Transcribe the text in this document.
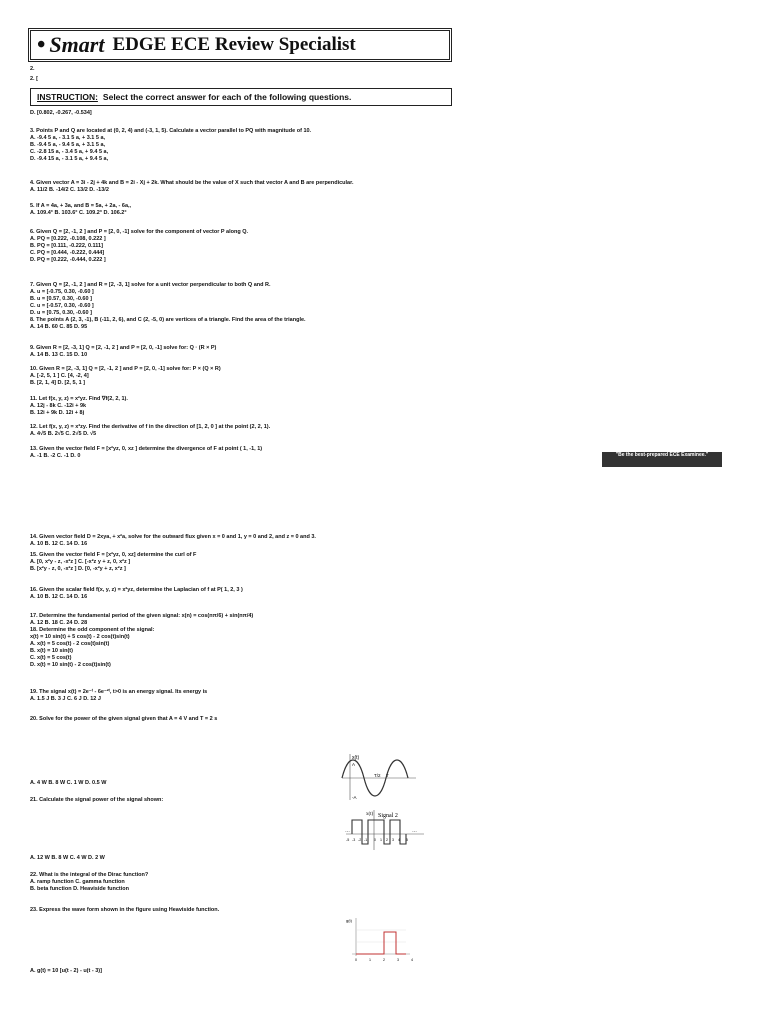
• Smart EDGE ECE Review Specialist
2.
2. [
D. [0.802, -0.267, -0.534]
INSTRUCTION: Select the correct answer for each of the following questions.
3. Points P and Q are located at (0, 2, 4) and (-3, 1, 5). Calculate a vector parallel to PQ with magnitude of 10.
A. -9.4 5 a, - 3.1 5 a, + 3.1 5 a,
B. -9.4 5 a, - 9.4 5 a, + 3.1 5 a,
C. -2.8 15 a, - 3.4 5 a, + 9.4 5 a,
D. -9.4 15 a, - 3.1 5 a, + 9.4 5 a,
4. Given vector A = 3i - 2j + 4k and B = 2i - Xj + 2k. What should be the value of X such that vector A and B are perpendicular.
A. 11/2 B. -14/2 C. 13/2 D. -13/2
5. If A = 4a, + 3a, and B = 5a, + 2a, - 6a,,
A. 109.4° B. 103.6° C. 109.2° D. 106.2°
6. Given Q = [2, -1, 2 ] and P = [2, 0, -1] solve for the component of vector P along Q.
A. PQ = [0.222, -0.108, 0.222 ]
B. PQ = [0.111, -0.222, 0.111]
C. PQ = [0.444, -0.222, 0.444]
D. PQ = [0.222, -0.444, 0.222 ]
7. Given Q = [2, -1, 2 ] and R = [2, -3, 1] solve for a unit vector perpendicular to both Q and R.
A. u = [-0.75, 0.30, -0.60 ]
B. u = [0.57, 0.30, -0.60 ]
C. u = [-0.57, 0.30, -0.60 ]
D. u = [0.75, 0.30, -0.60 ]
8. The points A (2, 3, -1), B (-11, 2, 6), and C (2, -5, 0) are vertices of a triangle. Find the area of the triangle.
A. 14 B. 60 C. 85 D. 95
9. Given R = [2, -3, 1] Q = [2, -1, 2 ] and P = [2, 0, -1] solve for: Q · (R × P)
A. 14 B. 13 C. 15 D. 10
10. Given R = [2, -3, 1] Q = [2, -1, 2 ] and P = [2, 0, -1] solve for: P × (Q × R)
A. [-2, 5, 1 ] C. [4, -2, 4]
B. [2, 1, 4] D. [2, 5, 1 ]
11. Let f(x, y, z) = x²yz. Find ∇f(2, 2, 1).
A. 12j - 8k C. -12i + 9k
B. 12i + 9k D. 12i + 8j
12. Let f(x, y, z) = x²zy. Find the derivative of f in the direction of [1, 2, 0 ] at the point (2, 2, 1).
A. 4√5 B. 2√5 C. 2√5 D. √5
13. Given the vector field F = [x²yz, 0, xz ] determine the divergence of F at point ( 1, -1, 1)
A. -1 B. -2 C. -1 D. 0
14. Given vector field D = 2xya, + x²a, solve for the outward flux given x = 0 and 1, y = 0 and 2, and z = 0 and 3.
A. 10 B. 12 C. 14 D. 16
15. Given the vector field F = [x²yz, 0, xz] determine the curl of F
A. [0, x²y - z, -x²z ] C. [-x²z y + z, 0, x²z ]
B. [x²y - z, 0, -x²z ] D. [0, -x²y + z, x²z ]
16. Given the scalar field f(x, y, z) = x²yz, determine the Laplacian of f at P( 1, 2, 3 )
A. 10 B. 12 C. 14 D. 16
17. Determine the fundamental period of the given signal: x(n) = cos(nπ/6) + sin(nπ/4)
A. 12 B. 18 C. 24 D. 28
18. Determine the odd component of the signal:
x(t) = 10 sin(t) + 5 cos(t) - 2 cos(t)sin(t)
A. x(t) = 5 cos(t) - 2 cos(t)sin(t)
B. x(t) = 10 sin(t)
C. x(t) = 5 cos(t)
D. x(t) = 10 sin(t) - 2 cos(t)sin(t)
19. The signal x(t) = 2e⁻ᵗ - 6e⁻²ᵗ, t>0 is an energy signal. Its energy is
A. 1.5 J B. 3 J C. 6 J D. 12 J
20. Solve for the power of the given signal given that A = 4 V and T = 2 s
A. 4 W B. 8 W C. 1 W D. 0.5 W
21. Calculate the signal power of the signal shown:
A. 12 W B. 8 W C. 4 W D. 2 W
22. What is the integral of the Dirac function?
A. ramp function C. gamma function
B. beta function D. Heaviside function
23. Express the wave form shown in the figure using Heaviside function.
A. g(t) = 10 [u(t - 2) - u(t - 3)]
"Be the best-prepared ECE Examinee."
x(t)
T/2 T
-A
A
x(t) Signal 2
…	…
-5 -3 -2 -1 0 1 2 3 4 5
g(t)
0	1	2	3	4
